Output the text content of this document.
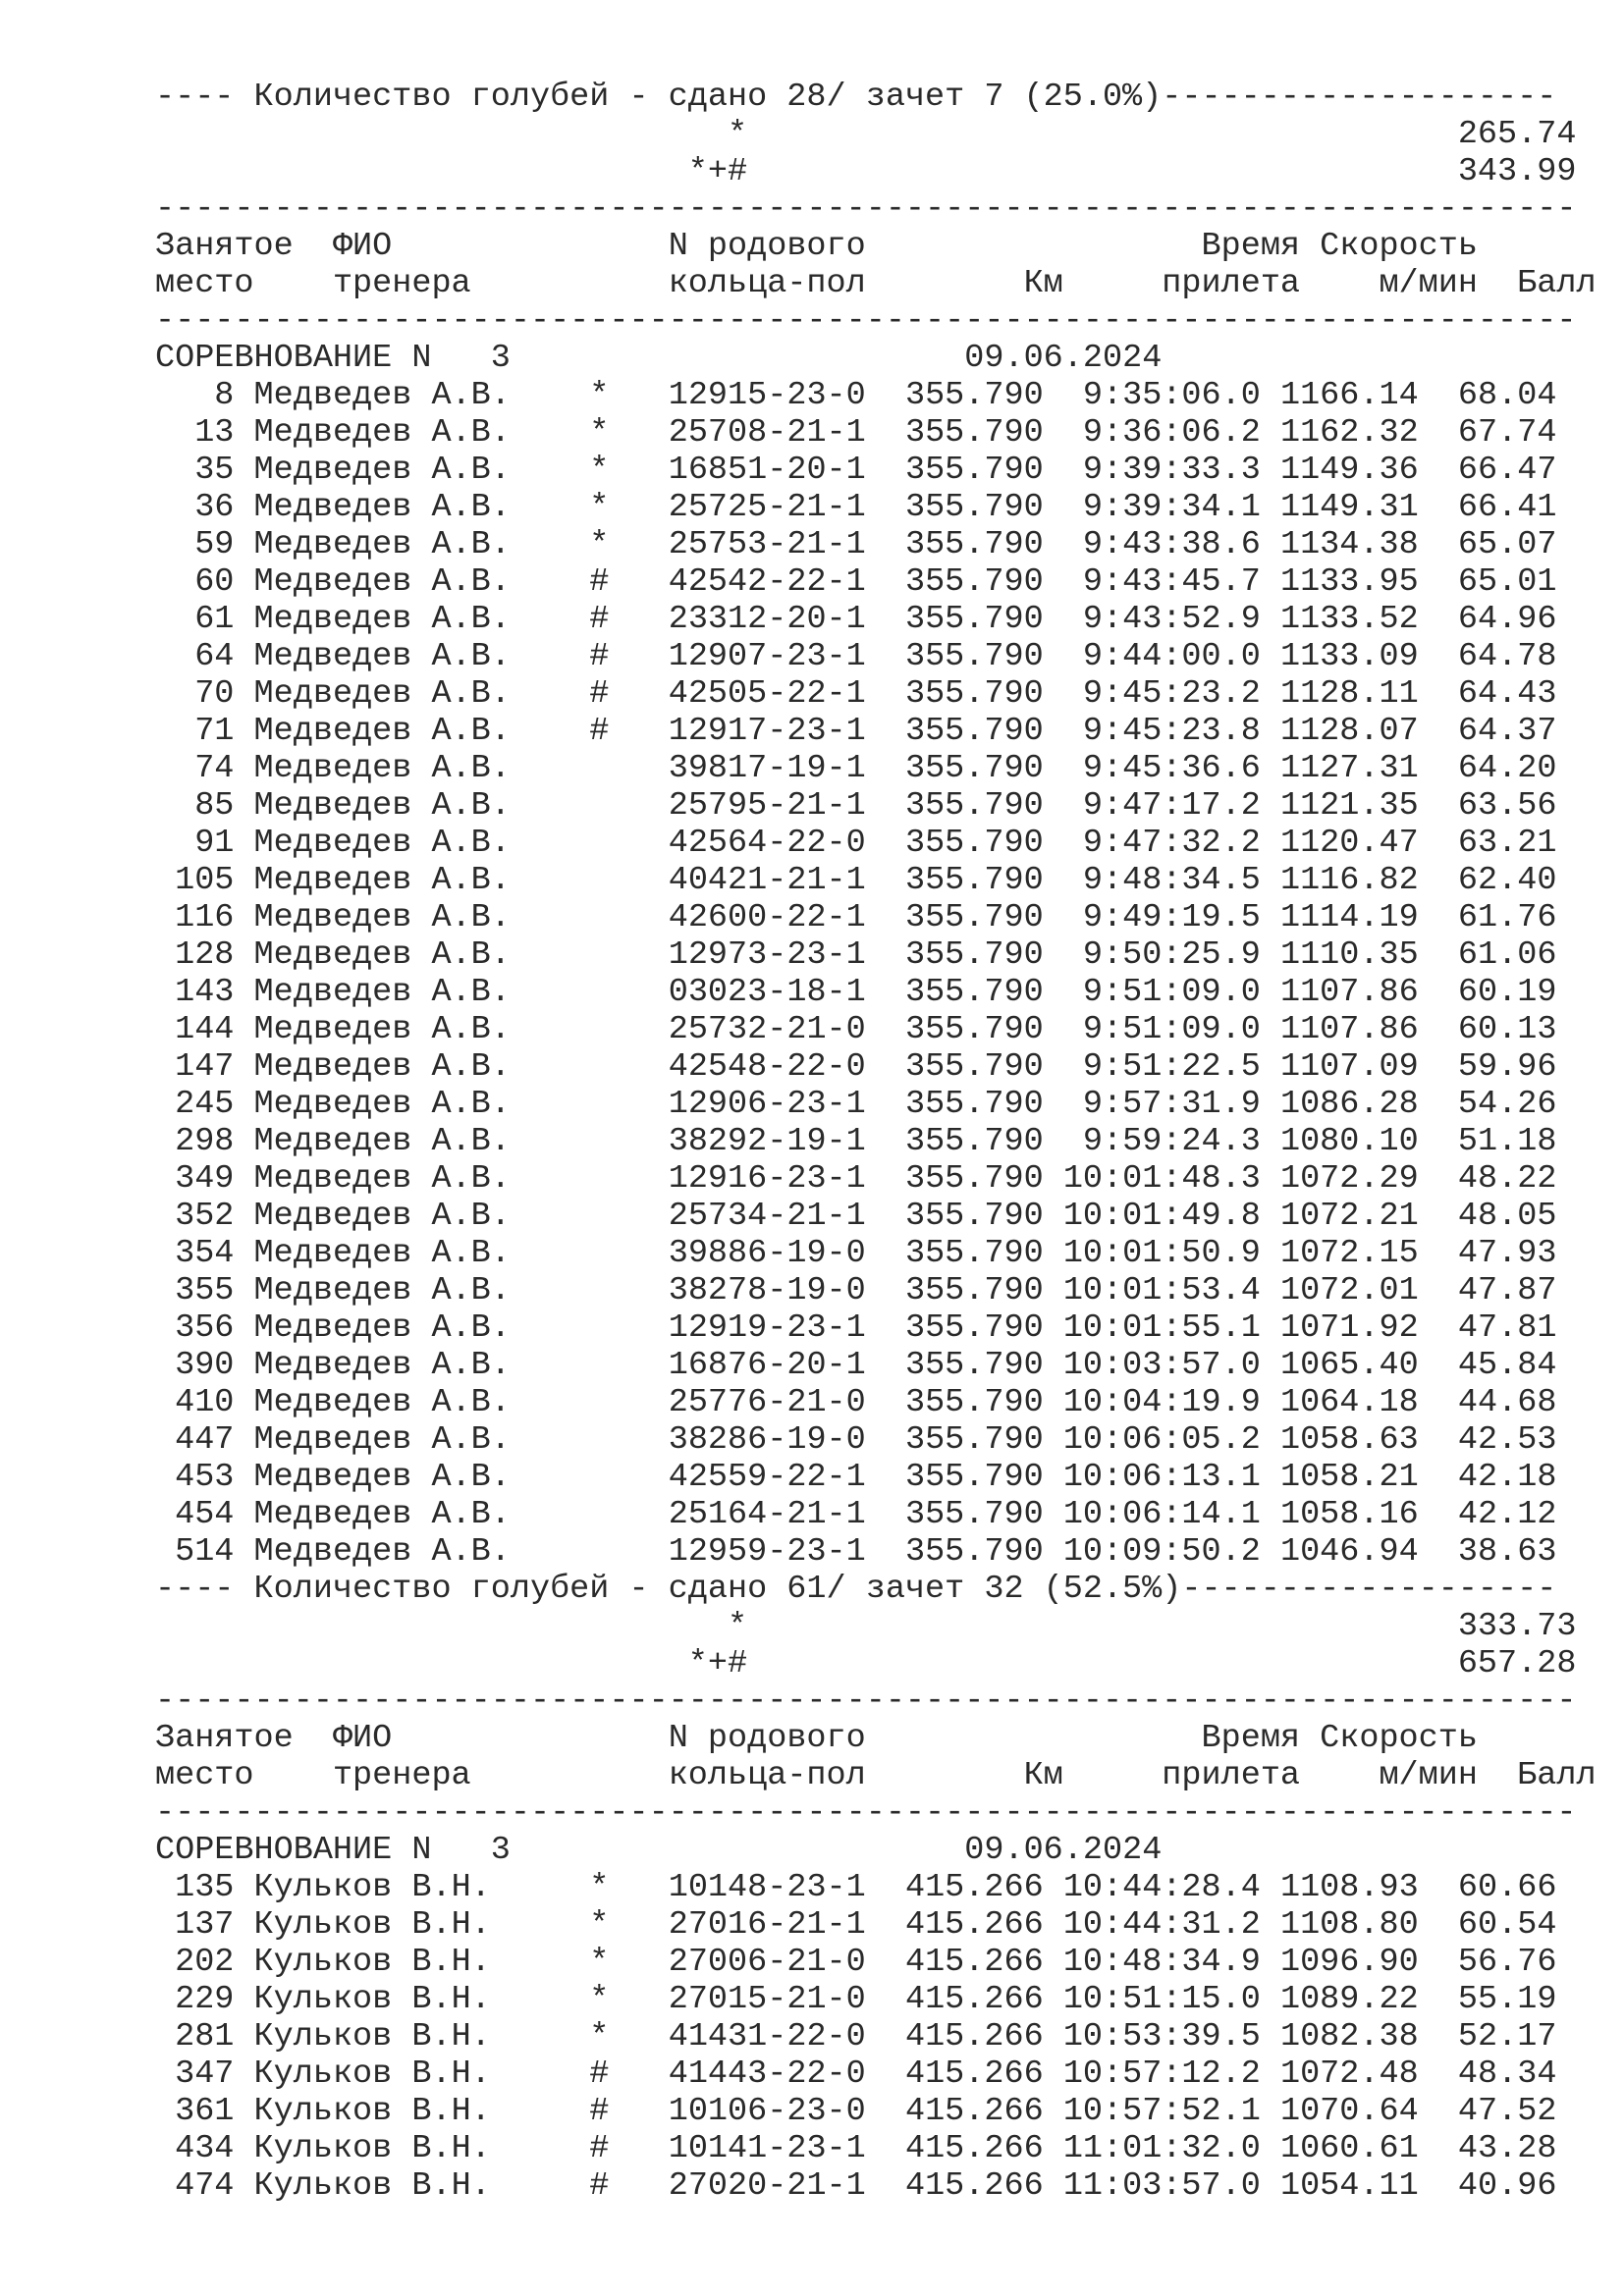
---- Количество голубей - сдано 28/ зачет 7 (25.0%)--------------------
*	265.74
*+#	343.99
------------------------------------------------------------------------
Занятое  ФИО              N родового	Время Скорость
место    тренера          кольца-пол        Км     прилета    м/мин  Балл
------------------------------------------------------------------------
СОРЕВНОВАНИЕ N   3	09.06.2024
8 Медведев А.В.    * 12915-23-0  355.790  9:35:06.0 1166.14  68.04
13 Медведев А.В.    * 25708-21-1  355.790  9:36:06.2 1162.32  67.74
35 Медведев А.В.    * 16851-20-1  355.790  9:39:33.3 1149.36  66.47
36 Медведев А.В.    * 25725-21-1  355.790  9:39:34.1 1149.31  66.41
59 Медведев А.В.    * 25753-21-1  355.790  9:43:38.6 1134.38  65.07
60 Медведев А.В.    # 42542-22-1  355.790  9:43:45.7 1133.95  65.01
61 Медведев А.В.    # 23312-20-1  355.790  9:43:52.9 1133.52  64.96
64 Медведев А.В.    # 12907-23-1  355.790  9:44:00.0 1133.09  64.78
70 Медведев А.В.    # 42505-22-1  355.790  9:45:23.2 1128.11  64.43
71 Медведев А.В.    # 12917-23-1  355.790  9:45:23.8 1128.07  64.37
74 Медведев А.В.	39817-19-1  355.790  9:45:36.6 1127.31  64.20
85 Медведев А.В.	25795-21-1  355.790  9:47:17.2 1121.35  63.56
91 Медведев А.В.	42564-22-0  355.790  9:47:32.2 1120.47  63.21
105 Медведев А.В.	40421-21-1  355.790  9:48:34.5 1116.82  62.40
116 Медведев А.В.	42600-22-1  355.790  9:49:19.5 1114.19  61.76
128 Медведев А.В.	12973-23-1  355.790  9:50:25.9 1110.35  61.06
143 Медведев А.В.	03023-18-1  355.790  9:51:09.0 1107.86  60.19
144 Медведев А.В.	25732-21-0  355.790  9:51:09.0 1107.86  60.13
147 Медведев А.В.	42548-22-0  355.790  9:51:22.5 1107.09  59.96
245 Медведев А.В.	12906-23-1  355.790  9:57:31.9 1086.28  54.26
298 Медведев А.В.	38292-19-1  355.790  9:59:24.3 1080.10  51.18
349 Медведев А.В.	12916-23-1  355.790 10:01:48.3 1072.29  48.22
352 Медведев А.В.	25734-21-1  355.790 10:01:49.8 1072.21  48.05
354 Медведев А.В.	39886-19-0  355.790 10:01:50.9 1072.15  47.93
355 Медведев А.В.	38278-19-0  355.790 10:01:53.4 1072.01  47.87
356 Медведев А.В.	12919-23-1  355.790 10:01:55.1 1071.92  47.81
390 Медведев А.В.	16876-20-1  355.790 10:03:57.0 1065.40  45.84
410 Медведев А.В.	25776-21-0  355.790 10:04:19.9 1064.18  44.68
447 Медведев А.В.	38286-19-0  355.790 10:06:05.2 1058.63  42.53
453 Медведев А.В.	42559-22-1  355.790 10:06:13.1 1058.21  42.18
454 Медведев А.В.	25164-21-1  355.790 10:06:14.1 1058.16  42.12
514 Медведев А.В.	12959-23-1  355.790 10:09:50.2 1046.94  38.63
---- Количество голубей - сдано 61/ зачет 32 (52.5%)-------------------
*	333.73
*+#	657.28
------------------------------------------------------------------------
Занятое  ФИО              N родового	Время Скорость
место    тренера          кольца-пол        Км     прилета    м/мин  Балл
------------------------------------------------------------------------
СОРЕВНОВАНИЕ N   3	09.06.2024
135 Кульков В.Н.     * 10148-23-1  415.266 10:44:28.4 1108.93  60.66
137 Кульков В.Н.     * 27016-21-1  415.266 10:44:31.2 1108.80  60.54
202 Кульков В.Н.     * 27006-21-0  415.266 10:48:34.9 1096.90  56.76
229 Кульков В.Н.     * 27015-21-0  415.266 10:51:15.0 1089.22  55.19
281 Кульков В.Н.     * 41431-22-0  415.266 10:53:39.5 1082.38  52.17
347 Кульков В.Н.     # 41443-22-0  415.266 10:57:12.2 1072.48  48.34
361 Кульков В.Н.     # 10106-23-0  415.266 10:57:52.1 1070.64  47.52
434 Кульков В.Н.     # 10141-23-1  415.266 11:01:32.0 1060.61  43.28
474 Кульков В.Н.     # 27020-21-1  415.266 11:03:57.0 1054.11  40.96
